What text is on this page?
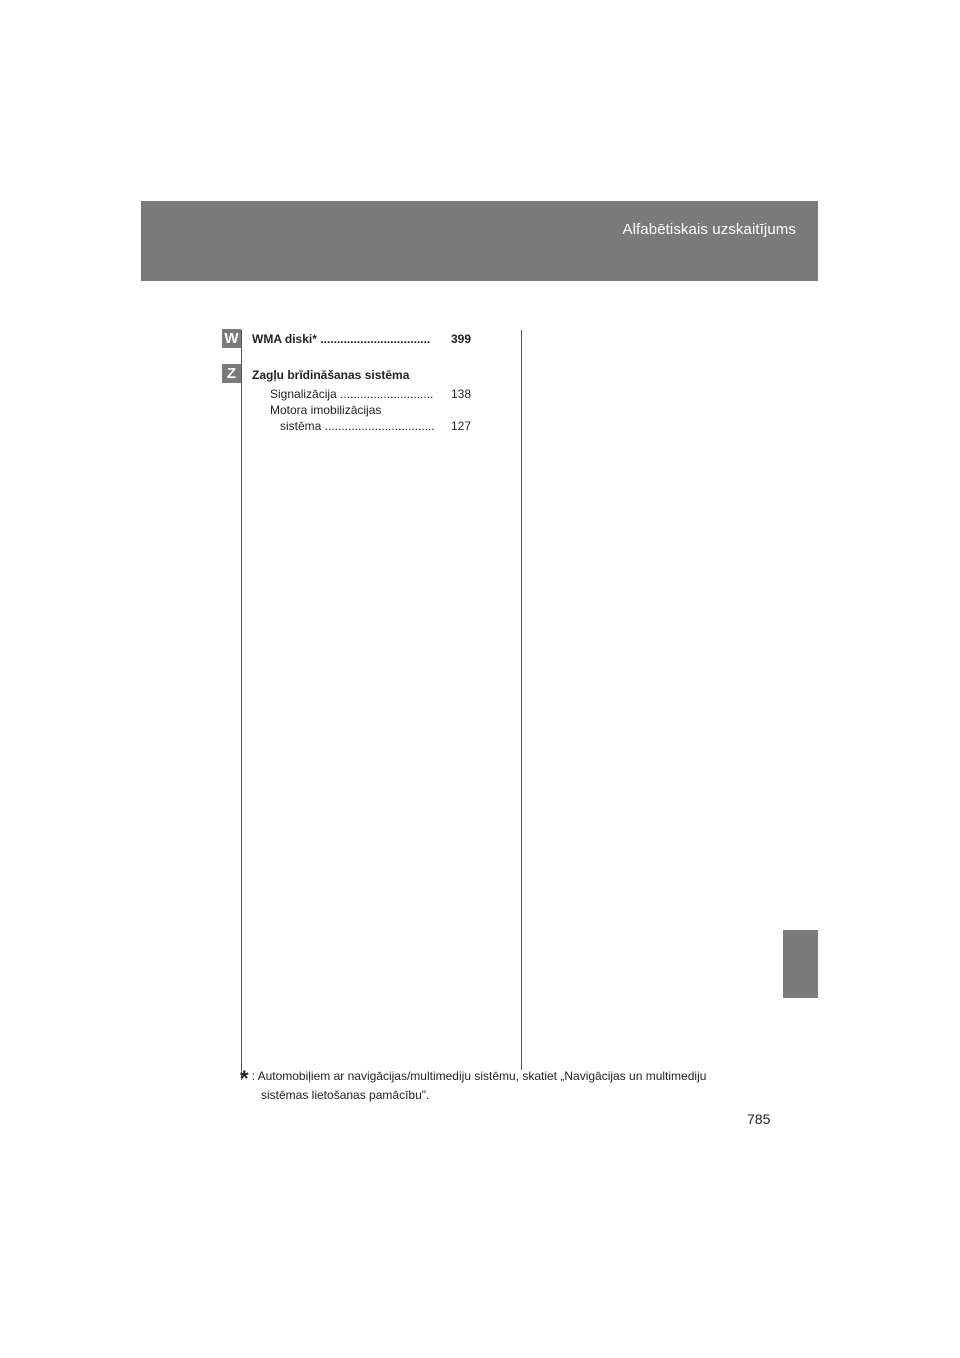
Alfabētiskais uzskaitījums
W WMA diski* ................................. 399
Z	Zagļu brīdināšanas sistēma
Signalizācija ............................ 138
Motora imobilizācijas
sistēma ................................. 127
* : Automobiļiem ar navigācijas/multimediju sistēmu, skatiet „Navigācijas un multimediju
sistēmas lietošanas pamācību".
785
